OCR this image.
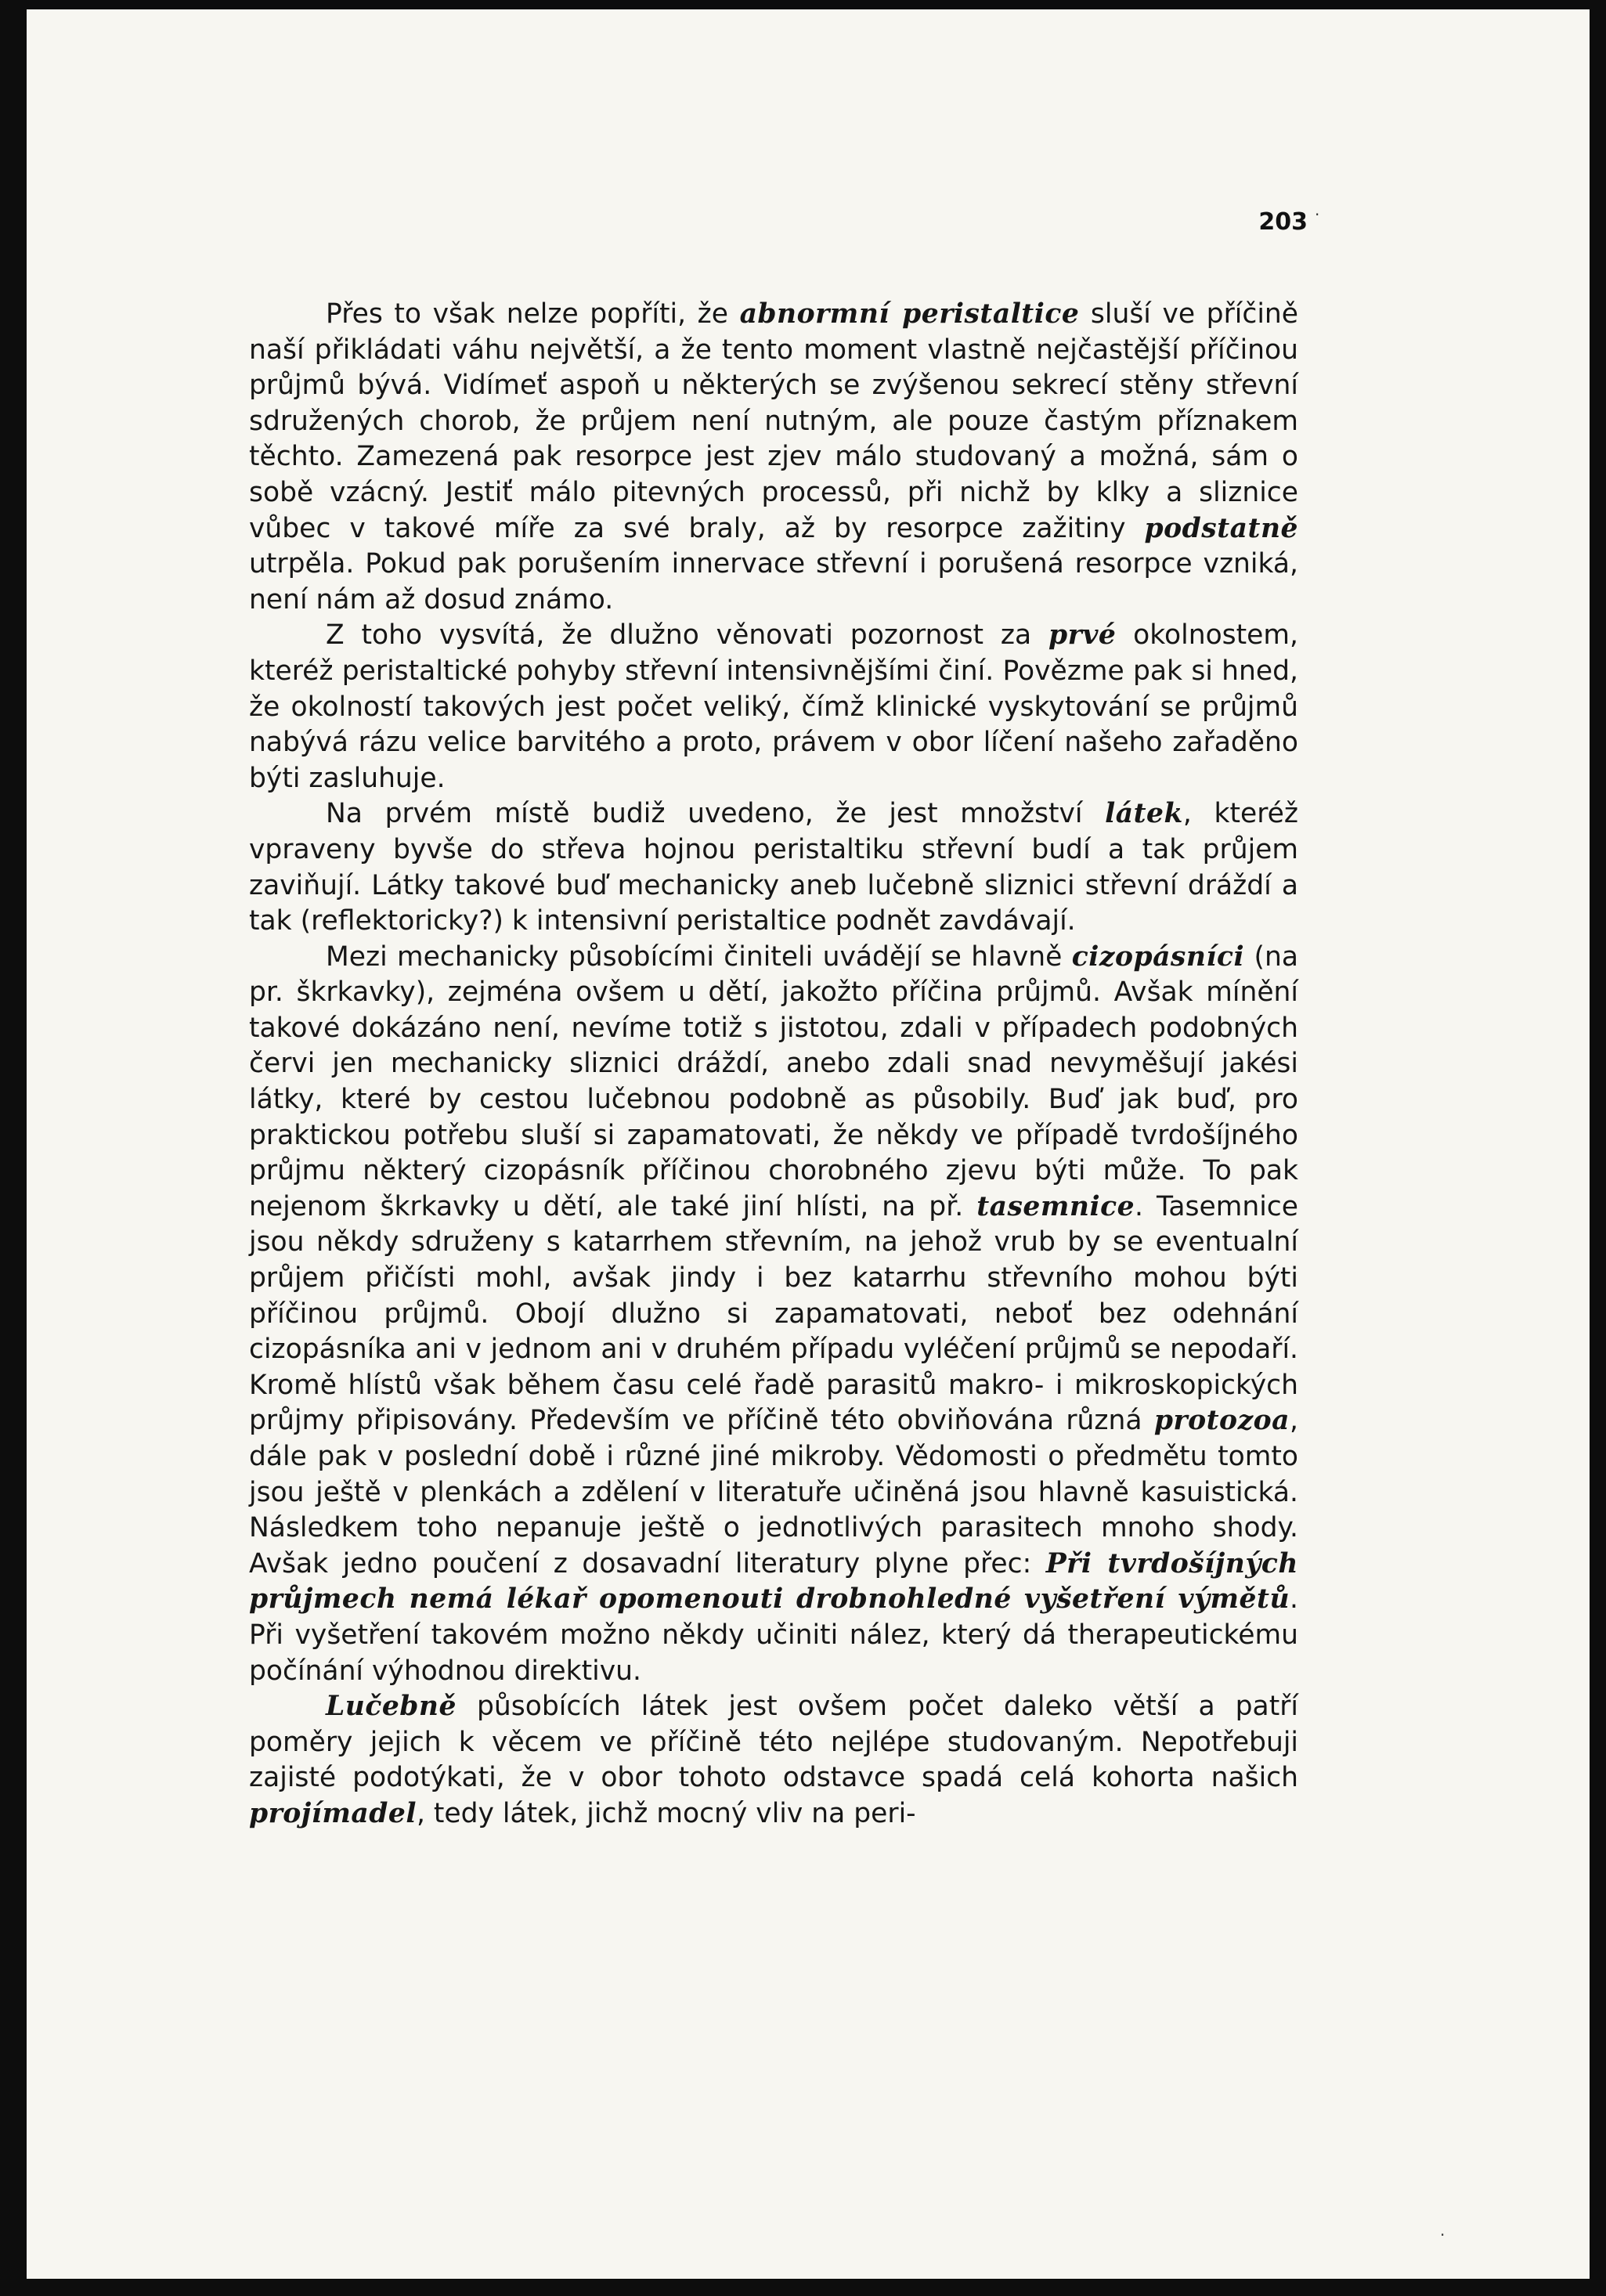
203 ·
·

Přes to však nelze popříti, že abnormní peristaltice sluší ve příčině naší přikládati váhu největší, a že tento moment vlastně nejčastější příčinou průjmů bývá. Vidímeť aspoň u některých se zvýšenou sekrecí stěny střevní sdružených chorob, že průjem není nutným, ale pouze častým příznakem těchto. Zamezená pak resorpce jest zjev málo studovaný a možná, sám o sobě vzácný. Jestiť málo pitevných processů, při nichž by klky a sliznice vůbec v takové míře za své braly, až by resorpce zažitiny podstatně utrpěla. Pokud pak porušením innervace střevní i porušená resorpce vzniká, není nám až dosud známo.

Z toho vysvítá, že dlužno věnovati pozornost za prvé okolnostem, kteréž peristaltické pohyby střevní intensivnějšími činí. Povězme pak si hned, že okolností takových jest počet veliký, čímž klinické vyskytování se průjmů nabývá rázu velice barvitého a proto, právem v obor líčení našeho zařaděno býti zasluhuje.

Na prvém místě budiž uvedeno, že jest množství látek, kteréž vpraveny byvše do střeva hojnou peristaltiku střevní budí a tak průjem zaviňují. Látky takové buď mechanicky aneb lučebně sliznici střevní dráždí a tak (reflektoricky?) k intensivní peristaltice podnět zavdávají.

Mezi mechanicky působícími činiteli uvádějí se hlavně cizopásníci (na pr. škrkavky), zejména ovšem u dětí, jakožto příčina průjmů. Avšak mínění takové dokázáno není, nevíme totiž s jistotou, zdali v případech podobných červi jen mechanicky sliznici dráždí, anebo zdali snad nevyměšují jakési látky, které by cestou lučebnou podobně as působily. Buď jak buď, pro praktickou potřebu sluší si zapamatovati, že někdy ve případě tvrdošíjného průjmu některý cizopásník příčinou chorobného zjevu býti může. To pak nejenom škrkavky u dětí, ale také jiní hlísti, na př. tasemnice. Tasemnice jsou někdy sdruženy s katarrhem střevním, na jehož vrub by se eventualní průjem přičísti mohl, avšak jindy i bez katarrhu střevního mohou býti příčinou průjmů. Obojí dlužno si zapamatovati, neboť bez odehnání cizopásníka ani v jednom ani v druhém případu vyléčení průjmů se nepodaří. Kromě hlístů však během času celé řadě parasitů makro- i mikroskopických průjmy připisovány. Především ve příčině této obviňována různá protozoa, dále pak v poslední době i různé jiné mikroby. Vědomosti o předmětu tomto jsou ještě v plenkách a zdělení v literatuře učiněná jsou hlavně kasuistická. Následkem toho nepanuje ještě o jednotlivých parasitech mnoho shody. Avšak jedno poučení z dosavadní literatury plyne přec: Při tvrdošíjných průjmech nemá lékař opomenouti drobnohledné vyšetření výmětů. Při vyšetření takovém možno někdy učiniti nález, který dá therapeutickému počínání výhodnou direktivu.

Lučebně působících látek jest ovšem počet daleko větší a patří poměry jejich k věcem ve příčině této nejlépe studovaným. Nepotřebuji zajisté podotýkati, že v obor tohoto odstavce spadá celá kohorta našich projímadel, tedy látek, jichž mocný vliv na peri-
